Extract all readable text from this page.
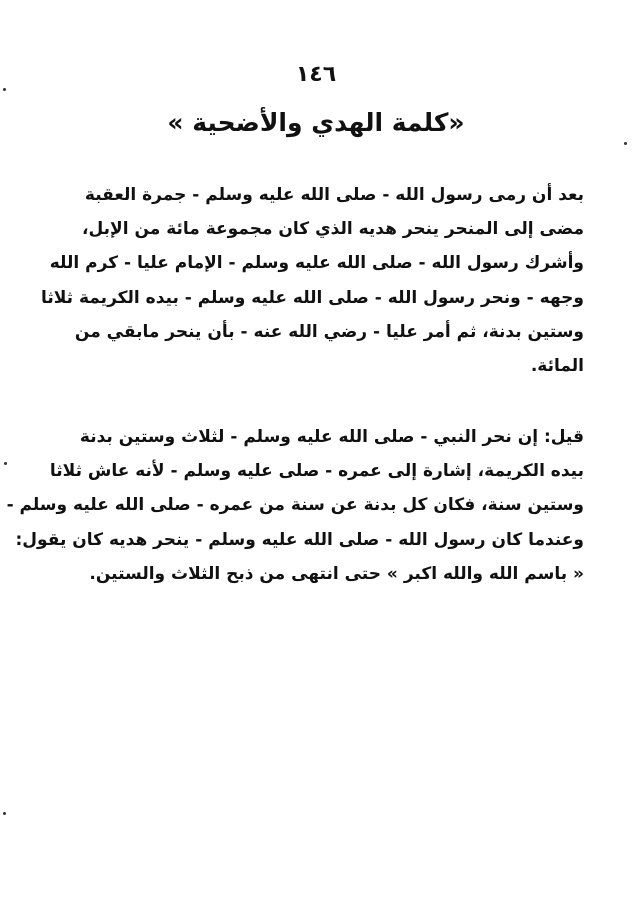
١٤٦
«كلمة الهدي والأضحية »

بعد أن رمى رسول الله - صلى الله عليه وسلم - جمرة العقبة
مضى إلى المنحر ينحر هديه الذي كان مجموعة مائة من الإبل،
وأشرك رسول الله - صلى الله عليه وسلم - الإمام عليا - كرم الله
وجهه - ونحر رسول الله - صلى الله عليه وسلم - بيده الكريمة ثلاثا
وستين بدنة، ثم أمر عليا - رضي الله عنه - بأن ينحر مابقي من
المائة.

قيل: إن نحر النبي - صلى الله عليه وسلم - لثلاث وستين بدنة
بيده الكريمة، إشارة إلى عمره - صلى عليه وسلم - لأنه عاش ثلاثا
وستين سنة، فكان كل بدنة عن سنة من عمره - صلى الله عليه وسلم -
وعندما كان رسول الله - صلى الله عليه وسلم - ينحر هديه كان يقول:
« باسم الله والله اكبر » حتى انتهى من ذبح الثلاث والستين.
